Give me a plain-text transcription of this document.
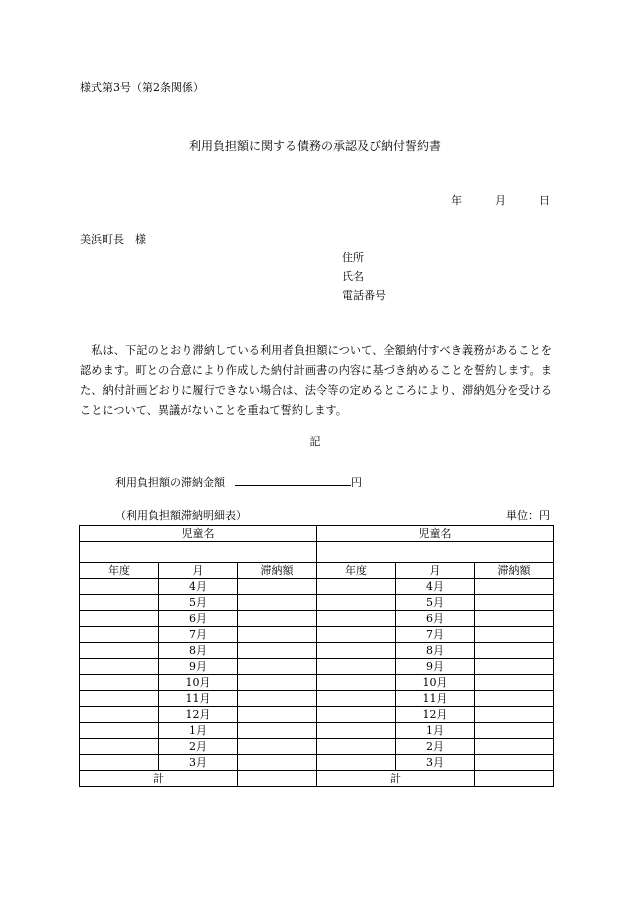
様式第3号（第2条関係）
利用負担額に関する債務の承認及び納付誓約書
年	月	日
美浜町長　様
住所
氏名
電話番号
私は、下記のとおり滞納している利用者負担額について、全額納付すべき義務があることを認めます。町との合意により作成した納付計画書の内容に基づき納めることを誓約します。また、納付計画どおりに履行できない場合は、法令等の定めるところにより、滞納処分を受けることについて、異議がないことを重ねて誓約します。
記
利用負担額の滞納金額	円
（利用負担額滞納明細表）	単位：円
児童名			児童名		

年度	月	滞納額	年度	月	滞納額
	4月			4月	
	5月			5月	
	6月			6月	
	7月			7月	
	8月			8月	
	9月			9月	
	10月			10月	
	11月			11月	
	12月			12月	
	1月			1月	
	2月			2月	
	3月			3月	
計			計		
